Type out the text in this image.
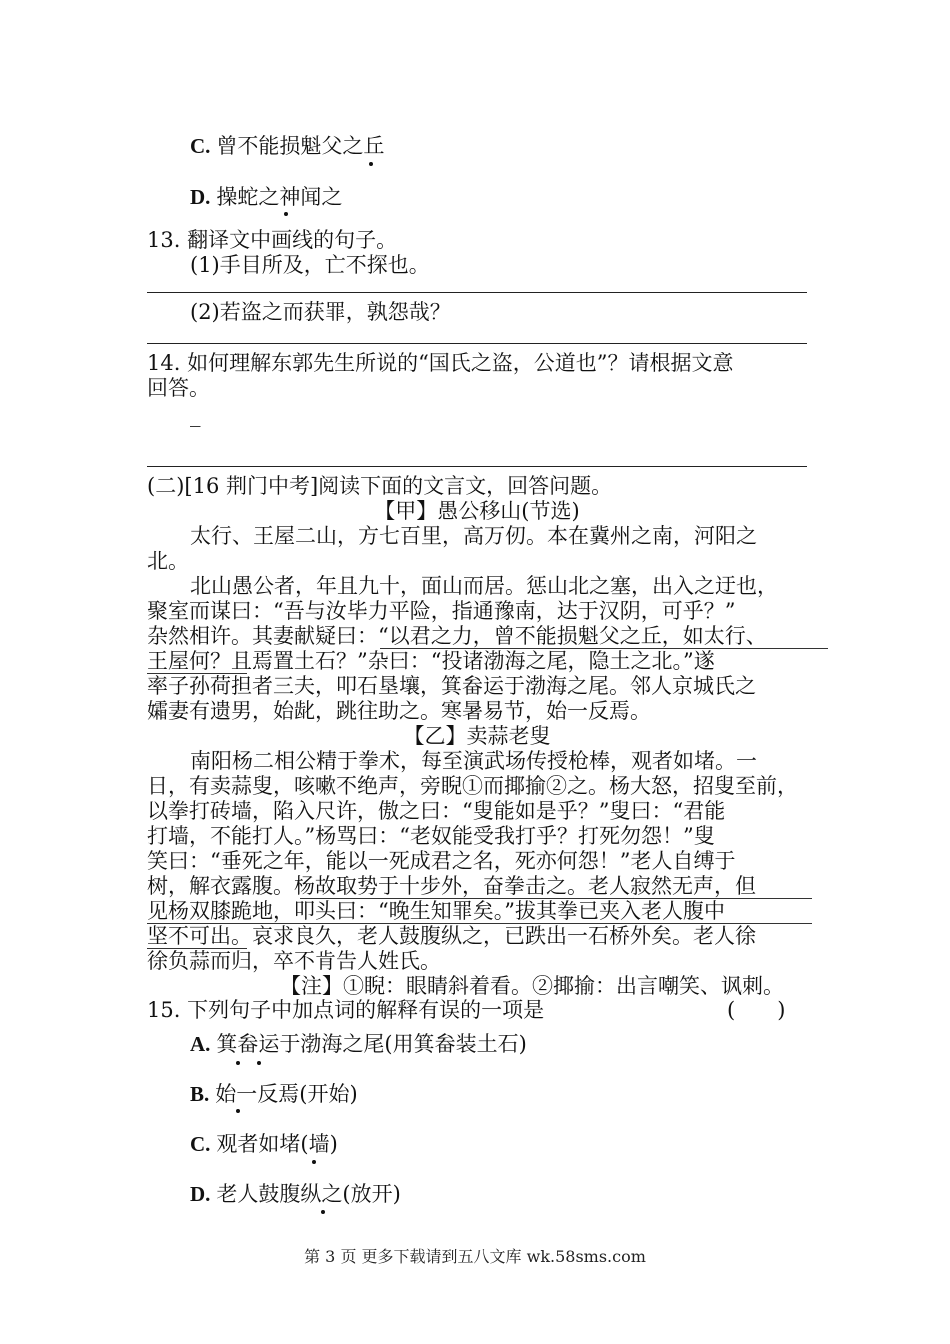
C. 曾不能损魁父之丘
D. 操蛇之神闻之
13. 翻译文中画线的句子。
(1)手目所及，亡不探也。
(2)若盗之而获罪，孰怨哉？
14. 如何理解东郭先生所说的“国氏之盗，公道也”？请根据文意
回答。
_
(二)[16 荆门中考]阅读下面的文言文，回答问题。
【甲】愚公移山(节选)
太行、王屋二山，方七百里，高万仞。本在冀州之南，河阳之
北。
北山愚公者，年且九十，面山而居。惩山北之塞，出入之迂也，
聚室而谋曰：“吾与汝毕力平险，指通豫南，达于汉阴，可乎？”
杂然相许。其妻献疑曰：“以君之力，曾不能损魁父之丘，如太行、
王屋何？且焉置土石？”杂曰：“投诸渤海之尾，隐土之北。”遂
率子孙荷担者三夫，叩石垦壤，箕畚运于渤海之尾。邻人京城氏之
孀妻有遗男，始龀，跳往助之。寒暑易节，始一反焉。
【乙】卖蒜老叟
南阳杨二相公精于拳术，每至演武场传授枪棒，观者如堵。一
日，有卖蒜叟，咳嗽不绝声，旁睨①而揶揄②之。杨大怒，招叟至前，
以拳打砖墙，陷入尺许，傲之曰：“叟能如是乎？”叟曰：“君能
打墙，不能打人。”杨骂曰：“老奴能受我打乎？打死勿怨！”叟
笑曰：“垂死之年，能以一死成君之名，死亦何怨！”老人自缚于
树，解衣露腹。杨故取势于十步外，奋拳击之。老人寂然无声，但
见杨双膝跪地，叩头曰：“晚生知罪矣。”拔其拳已夹入老人腹中
坚不可出。哀求良久，老人鼓腹纵之，已跌出一石桥外矣。老人徐
徐负蒜而归，卒不肯告人姓氏。
【注】①睨：眼睛斜着看。②揶揄：出言嘲笑、讽刺。
15. 下列句子中加点词的解释有误的一项是	(　　)
A. 箕畚运于渤海之尾(用箕畚装土石)
B. 始一反焉(开始)
C. 观者如堵(墙)
D. 老人鼓腹纵之(放开)
第 3 页 更多下载请到五八文库 wk.58sms.com
